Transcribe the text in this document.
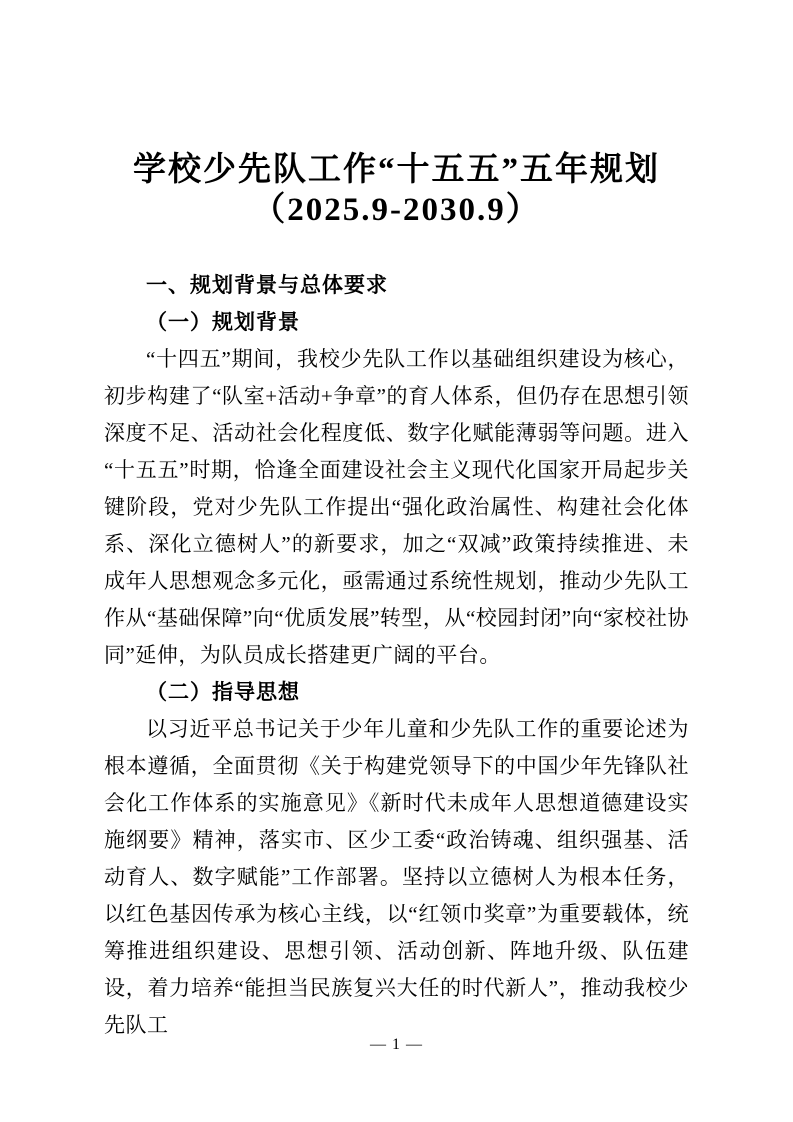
学校少先队工作“十五五”五年规划
（2025.9-2030.9）
一、规划背景与总体要求
（一）规划背景

“十四五”期间，我校少先队工作以基础组织建设为核心，初步构建了“队室+活动+争章”的育人体系，但仍存在思想引领深度不足、活动社会化程度低、数字化赋能薄弱等问题。进入“十五五”时期，恰逢全面建设社会主义现代化国家开局起步关键阶段，党对少先队工作提出“强化政治属性、构建社会化体系、深化立德树人”的新要求，加之“双减”政策持续推进、未成年人思想观念多元化，亟需通过系统性规划，推动少先队工作从“基础保障”向“优质发展”转型，从“校园封闭”向“家校社协同”延伸，为队员成长搭建更广阔的平台。

（二）指导思想

以习近平总书记关于少年儿童和少先队工作的重要论述为根本遵循，全面贯彻《关于构建党领导下的中国少年先锋队社会化工作体系的实施意见》《新时代未成年人思想道德建设实施纲要》精神，落实市、区少工委“政治铸魂、组织强基、活动育人、数字赋能”工作部署。坚持以立德树人为根本任务，以红色基因传承为核心主线，以“红领巾奖章”为重要载体，统筹推进组织建设、思想引领、活动创新、阵地升级、队伍建设，着力培养“能担当民族复兴大任的时代新人”，推动我校少先队工

— 1 —
